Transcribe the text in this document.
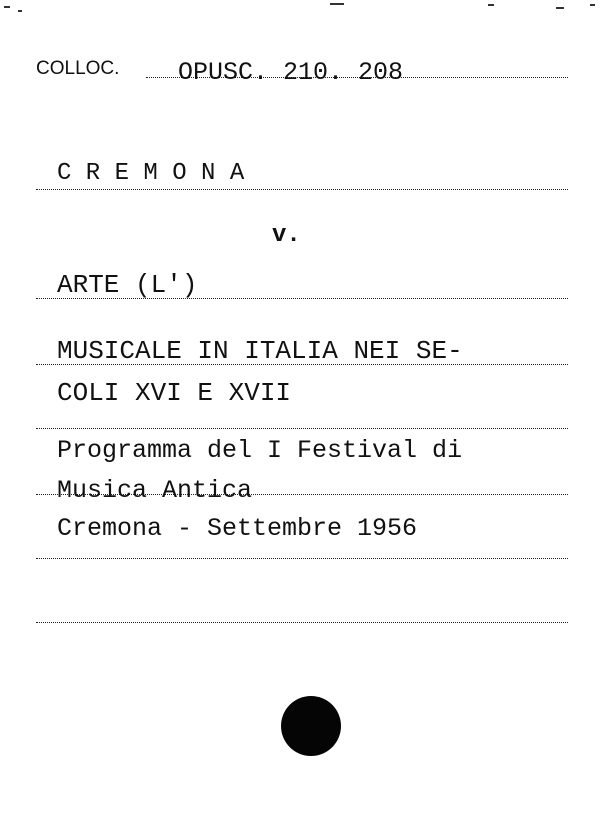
COLLOC. OPUSC. 210. 208
C R E M O N A
v.
ARTE (L')
MUSICALE IN ITALIA NEI SE-
COLI XVI E XVII
Programma del I Festival di
Musica Antica
Cremona - Settembre 1956
